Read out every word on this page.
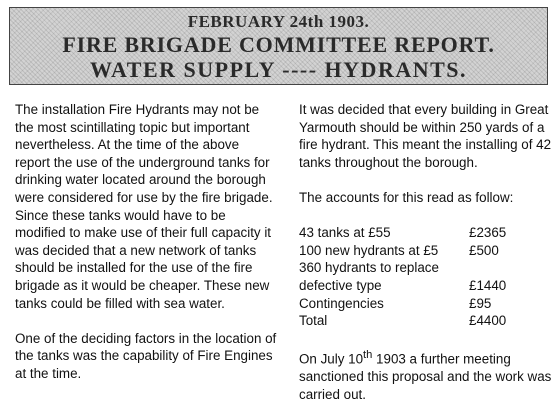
FEBRUARY 24th 1903.
FIRE BRIGADE COMMITTEE REPORT.
WATER SUPPLY ---- HYDRANTS.

The installation Fire Hydrants may not be the most scintillating topic but important nevertheless. At the time of the above report the use of the underground tanks for drinking water located around the borough were considered for use by the fire brigade. Since these tanks would have to be modified to make use of their full capacity it was decided that a new network of tanks should be installed for the use of the fire brigade as it would be cheaper. These new tanks could be filled with sea water.

One of the deciding factors in the location of the tanks was the capability of Fire Engines at the time.

It was decided that every building in Great Yarmouth should be within 250 yards of a fire hydrant. This meant the installing of 42 tanks throughout the borough.

The accounts for this read as follow:

43 tanks at £55	£2365
100 new hydrants at £5	£500
360 hydrants to replace
defective type	£1440
Contingencies	£95
Total	£4400

On July 10th 1903 a further meeting sanctioned this proposal and the work was carried out.
